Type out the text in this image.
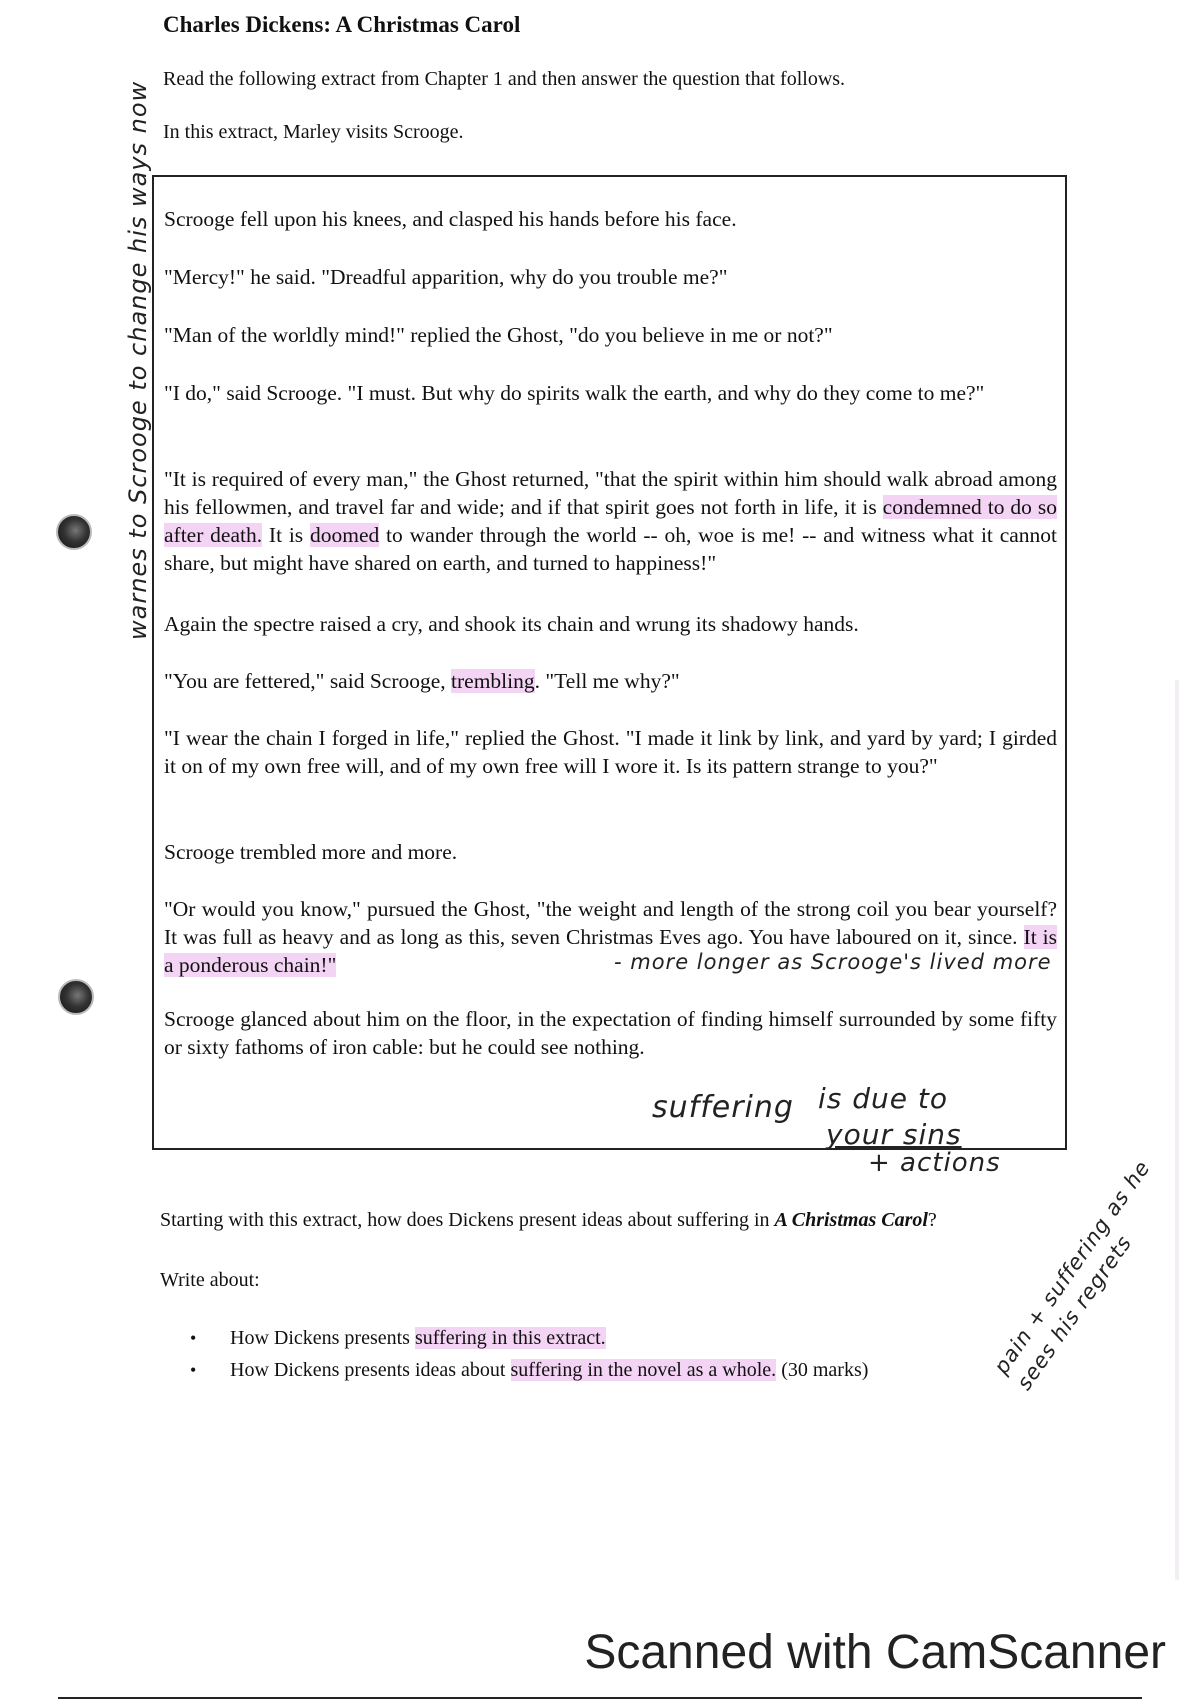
warnes to Scrooge to change his ways now
Charles Dickens: A Christmas Carol
Read the following extract from Chapter 1 and then answer the question that follows.
In this extract, Marley visits Scrooge.
Scrooge fell upon his knees, and clasped his hands before his face.
"Mercy!" he said. "Dreadful apparition, why do you trouble me?"
"Man of the worldly mind!" replied the Ghost, "do you believe in me or not?"
"I do," said Scrooge. "I must. But why do spirits walk the earth, and why do they come to me?"
"It is required of every man," the Ghost returned, "that the spirit within him should walk abroad among his fellowmen, and travel far and wide; and if that spirit goes not forth in life, it is condemned to do so after death. It is doomed to wander through the world -- oh, woe is me! -- and witness what it cannot share, but might have shared on earth, and turned to happiness!"
Again the spectre raised a cry, and shook its chain and wrung its shadowy hands.
"You are fettered," said Scrooge, trembling. "Tell me why?"
"I wear the chain I forged in life," replied the Ghost. "I made it link by link, and yard by yard; I girded it on of my own free will, and of my own free will I wore it. Is its pattern strange to you?"
Scrooge trembled more and more.
"Or would you know," pursued the Ghost, "the weight and length of the strong coil you bear yourself? It was full as heavy and as long as this, seven Christmas Eves ago. You have laboured on it, since. It is a ponderous chain!"
Scrooge glanced about him on the floor, in the expectation of finding himself surrounded by some fifty or sixty fathoms of iron cable: but he could see nothing.
- more longer as Scrooge's lived more
suffering is due to
your sins
+ actions
Starting with this extract, how does Dickens present ideas about suffering in A Christmas Carol?
Write about:
•	How Dickens presents suffering in this extract.
•	How Dickens presents ideas about suffering in the novel as a whole. (30 marks)	pain + suffering as he sees his regrets
Scanned with CamScanner
